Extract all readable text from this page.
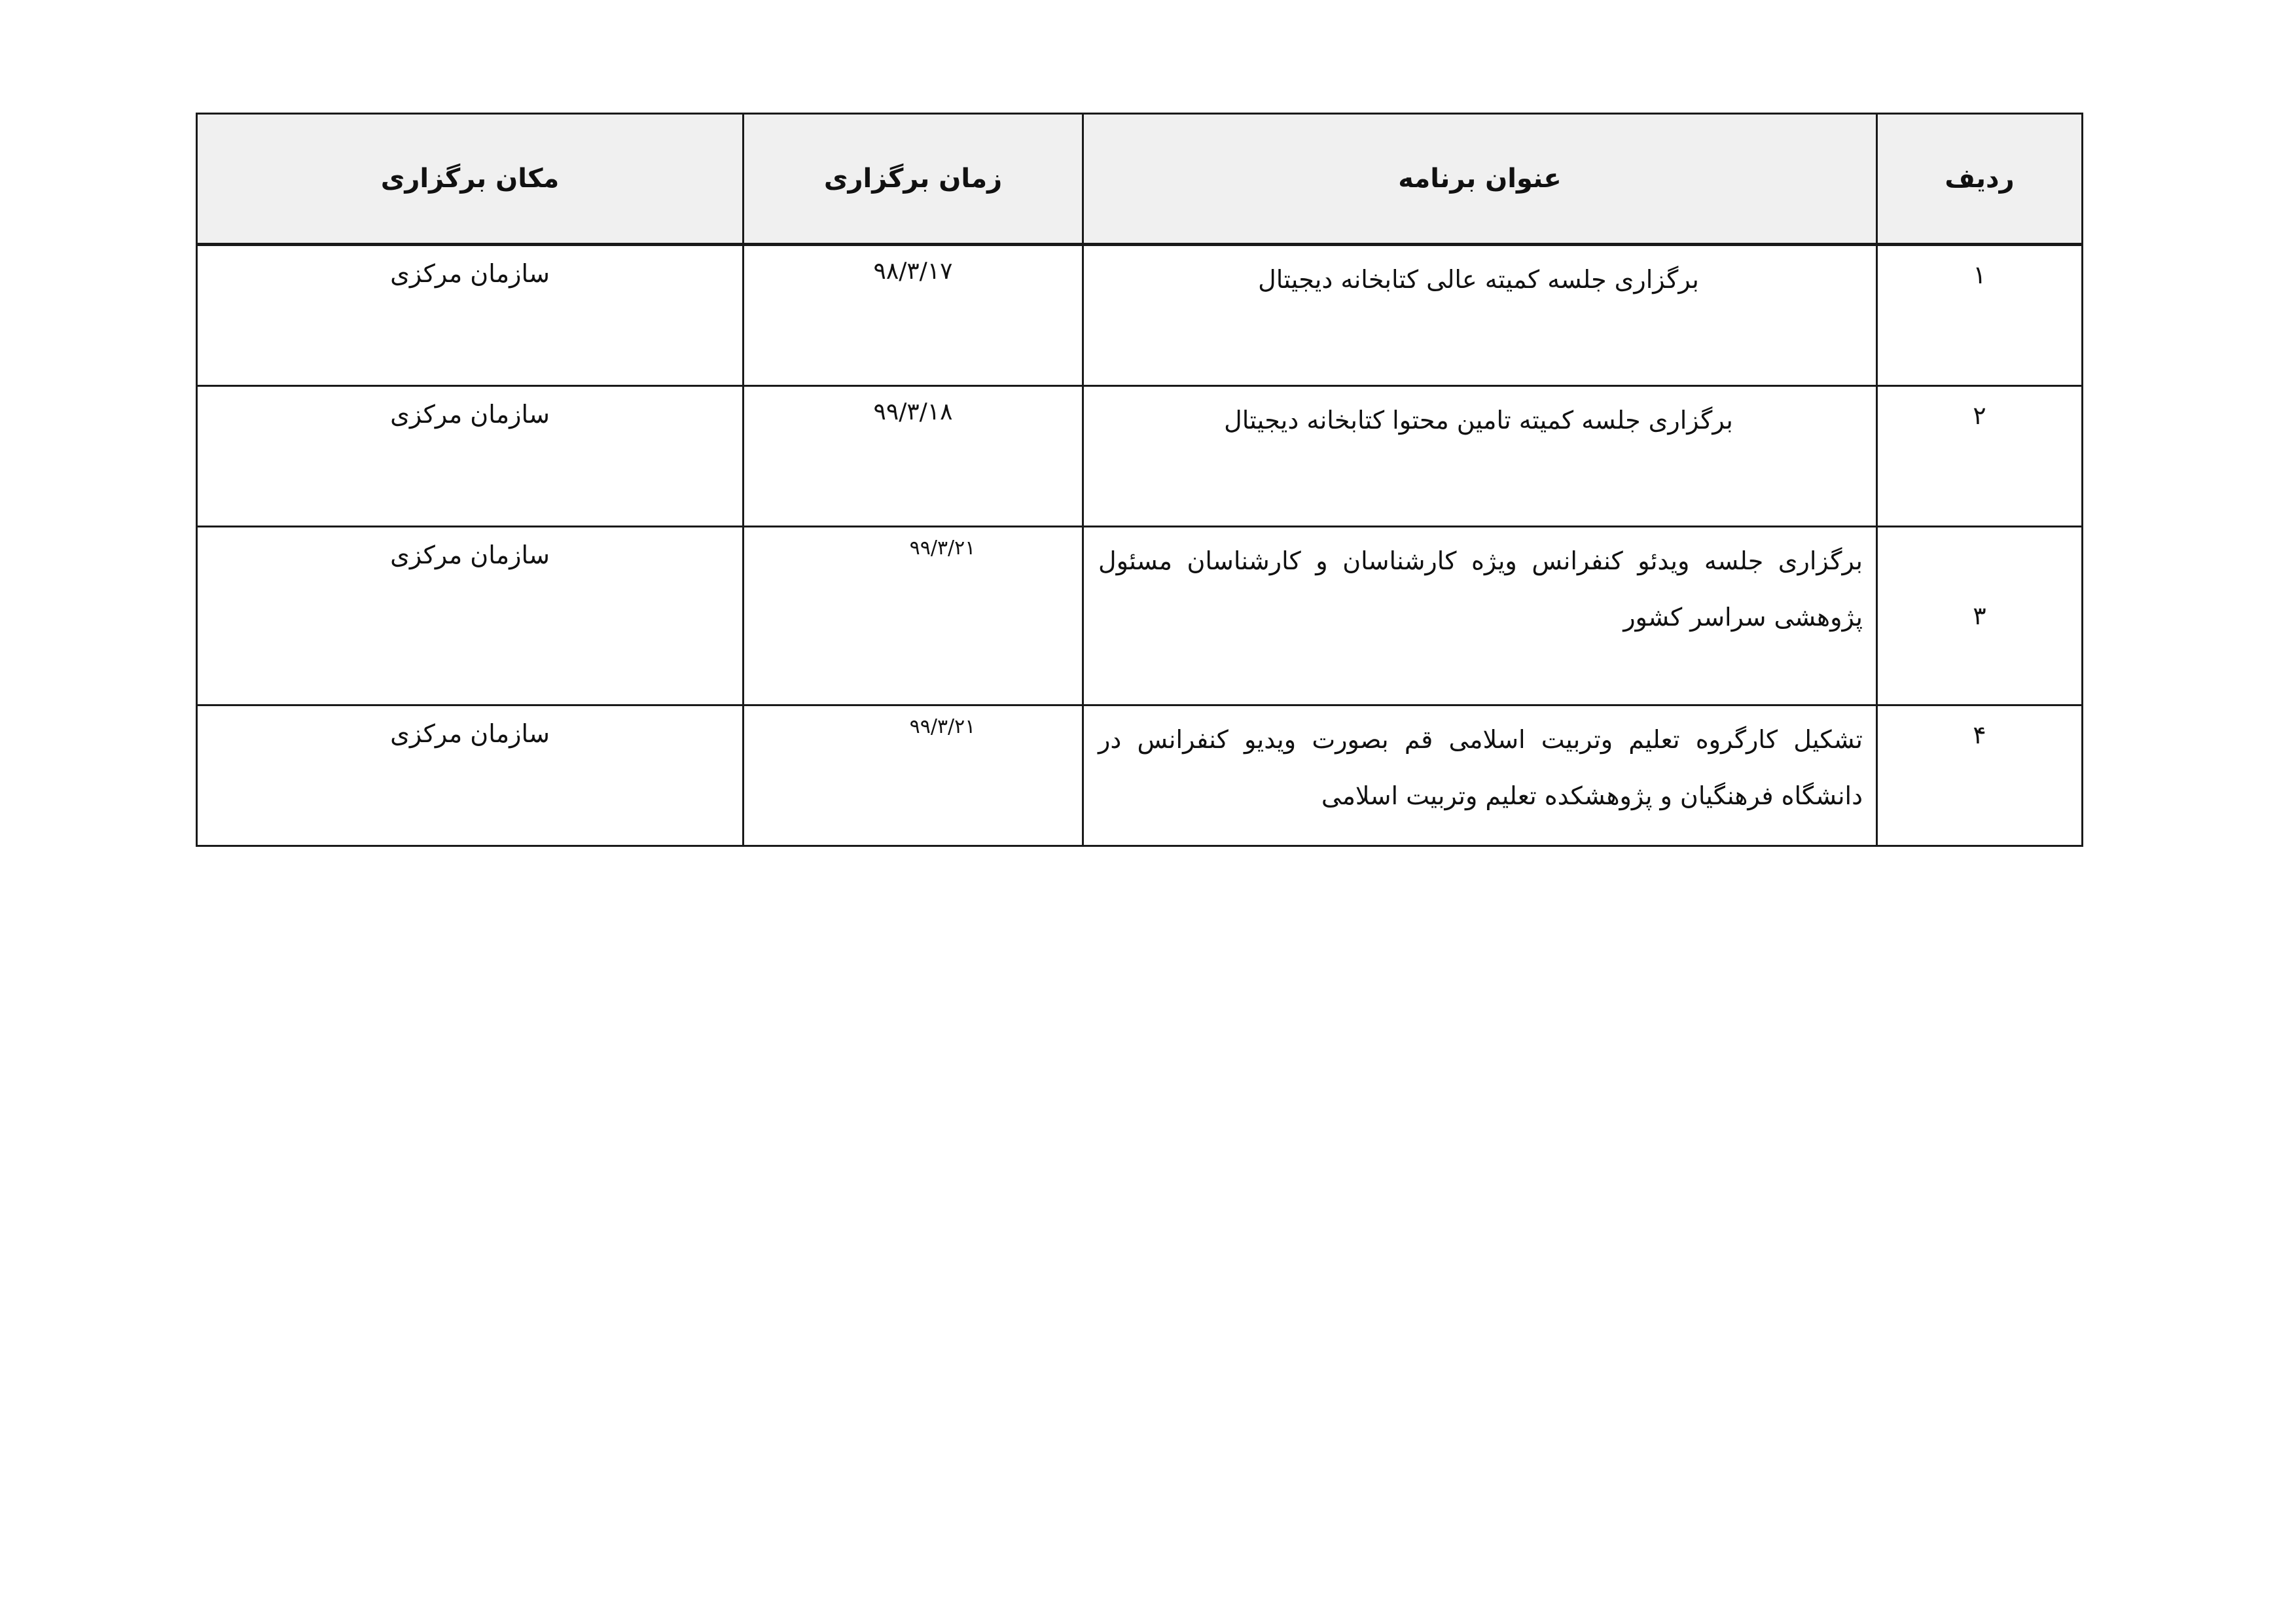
ردیف	عنوان برنامه	زمان برگزاری	مکان برگزاری
۱	برگزاری جلسه کمیته عالی کتابخانه دیجیتال	۹۸/۳/۱۷	سازمان مرکزی
۲	برگزاری جلسه کمیته تامین محتوا کتابخانه دیجیتال	۹۹/۳/۱۸	سازمان مرکزی
۳	برگزاری جلسه ویدئو کنفرانس ویژه کارشناسان و کارشناسان مسئول پژوهشی سراسر کشور	۹۹/۳/۲۱	سازمان مرکزی
۴	تشکیل کارگروه تعلیم وتربیت اسلامی قم بصورت ویدیو کنفرانس در دانشگاه فرهنگیان و پژوهشکده تعلیم وتربیت اسلامی	۹۹/۳/۲۱	سازمان مرکزی
